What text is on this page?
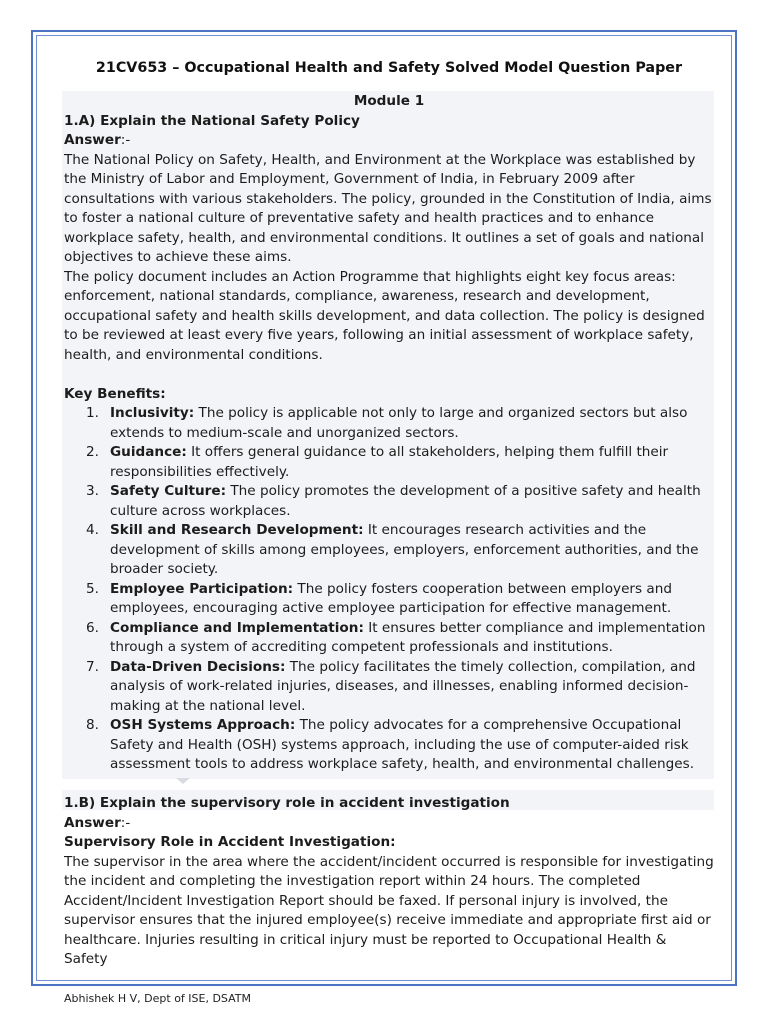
21CV653 – Occupational Health and Safety Solved Model Question Paper
Module 1

1.A) Explain the National Safety Policy

Answer:-

The National Policy on Safety, Health, and Environment at the Workplace was established by the Ministry of Labor and Employment, Government of India, in February 2009 after consultations with various stakeholders. The policy, grounded in the Constitution of India, aims to foster a national culture of preventative safety and health practices and to enhance workplace safety, health, and environmental conditions. It outlines a set of goals and national objectives to achieve these aims.

The policy document includes an Action Programme that highlights eight key focus areas: enforcement, national standards, compliance, awareness, research and development, occupational safety and health skills development, and data collection. The policy is designed to be reviewed at least every five years, following an initial assessment of workplace safety, health, and environmental conditions.

Key Benefits:

1. Inclusivity: The policy is applicable not only to large and organized sectors but also extends to medium-scale and unorganized sectors.
2. Guidance: It offers general guidance to all stakeholders, helping them fulfill their responsibilities effectively.
3. Safety Culture: The policy promotes the development of a positive safety and health culture across workplaces.
4. Skill and Research Development: It encourages research activities and the development of skills among employees, employers, enforcement authorities, and the broader society.
5. Employee Participation: The policy fosters cooperation between employers and employees, encouraging active employee participation for effective management.
6. Compliance and Implementation: It ensures better compliance and implementation through a system of accrediting competent professionals and institutions.
7. Data-Driven Decisions: The policy facilitates the timely collection, compilation, and analysis of work-related injuries, diseases, and illnesses, enabling informed decision-making at the national level.
8. OSH Systems Approach: The policy advocates for a comprehensive Occupational Safety and Health (OSH) systems approach, including the use of computer-aided risk assessment tools to address workplace safety, health, and environmental challenges.

1.B) Explain the supervisory role in accident investigation

Answer:-

Supervisory Role in Accident Investigation:

The supervisor in the area where the accident/incident occurred is responsible for investigating the incident and completing the investigation report within 24 hours. The completed Accident/Incident Investigation Report should be faxed. If personal injury is involved, the supervisor ensures that the injured employee(s) receive immediate and appropriate first aid or healthcare. Injuries resulting in critical injury must be reported to Occupational Health & Safety

Abhishek H V, Dept of ISE, DSATM
